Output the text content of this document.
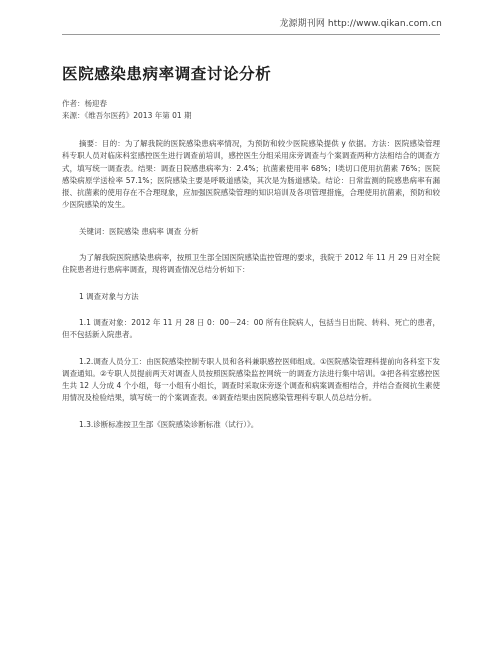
龙源期刊网 http://www.qikan.com.cn
医院感染患病率调查讨论分析
作者：杨迎春
来源：《维吾尔医药》2013 年第 01 期

摘要：目的：为了解我院的医院感染患病率情况，为预防和较少医院感染提供 y 依据。方法：医院感染管理科专职人员对临床科室感控医生进行调查前培训，感控医生分组采用床旁调查与个案调查两种方法相结合的调查方式，填写统一调查表。结果：调查日院感患病率为：2.4%；抗菌素使用率 68%；Ⅰ类切口使用抗菌素 76%；医院感染病原学送检率 57.1%；医院感染主要是呼吸道感染，其次是为肠道感染。结论：日常监测的院感患病率有漏报、抗菌素的使用存在不合理现象，应加强医院感染管理的知识培训及各项管理措施，合理使用抗菌素，预防和较少医院感染的发生。

关键词：医院感染 患病率 调查 分析

为了解我院医院感染患病率，按照卫生部全国医院感染监控管理的要求，我院于 2012 年 11 月 29 日对全院住院患者进行患病率调查，现将调查情况总结分析如下：

1 调查对象与方法

1.1 调查对象：2012 年 11 月 28 日 0：00－24：00 所有住院病人，包括当日出院、转科、死亡的患者，但不包括新入院患者。

1.2.调查人员分工：由医院感染控制专职人员和各科兼职感控医师组成。①医院感染管理科提前向各科室下发调查通知。②专职人员提前两天对调查人员按照医院感染监控网统一的调查方法进行集中培训。③把各科室感控医生共 12 人分成 4 个小组，每一小组有小组长，调查时采取床旁逐个调查和病案调查相结合，并结合查阅抗生素使用情况及检验结果，填写统一的个案调查表。④调查结果由医院感染管理科专职人员总结分析。

1.3.诊断标准按卫生部《医院感染诊断标准（试行）》。
